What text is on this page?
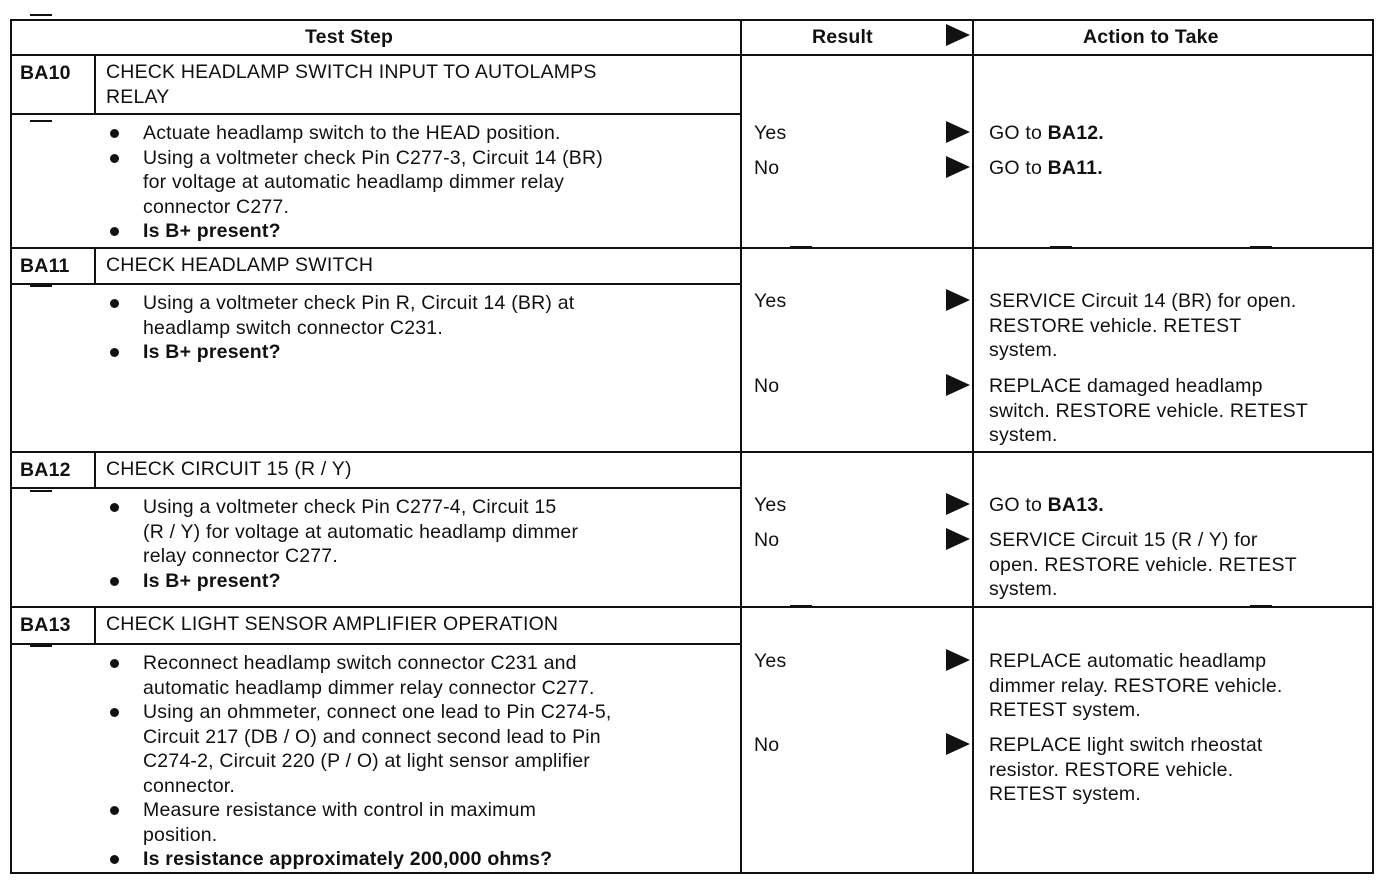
Test Step	Result	Action to Take
BA10 CHECK HEADLAMP SWITCH INPUT TO AUTOLAMPS
RELAY
Actuate headlamp switch to the HEAD position.
Using a voltmeter check Pin C277-3, Circuit 14 (BR)
for voltage at automatic headlamp dimmer relay
connector C277.
Is B+ present?
Yes	GO to BA12.
No	GO to BA11.
BA11 CHECK HEADLAMP SWITCH
Using a voltmeter check Pin R, Circuit 14 (BR) at
headlamp switch connector C231.
Is B+ present?
Yes	SERVICE Circuit 14 (BR) for open.
RESTORE vehicle. RETEST
system.
No	REPLACE damaged headlamp
switch. RESTORE vehicle. RETEST
system.
BA12 CHECK CIRCUIT 15 (R / Y)
Using a voltmeter check Pin C277-4, Circuit 15
(R / Y) for voltage at automatic headlamp dimmer
relay connector C277.
Is B+ present?
Yes	GO to BA13.
No	SERVICE Circuit 15 (R / Y) for
open. RESTORE vehicle. RETEST
system.
BA13 CHECK LIGHT SENSOR AMPLIFIER OPERATION
Reconnect headlamp switch connector C231 and
automatic headlamp dimmer relay connector C277.
Using an ohmmeter, connect one lead to Pin C274-5,
Circuit 217 (DB / O) and connect second lead to Pin
C274-2, Circuit 220 (P / O) at light sensor amplifier
connector.
Measure resistance with control in maximum
position.
Is resistance approximately 200,000 ohms?
Yes	REPLACE automatic headlamp
dimmer relay. RESTORE vehicle.
RETEST system.
No	REPLACE light switch rheostat
resistor. RESTORE vehicle.
RETEST system.
